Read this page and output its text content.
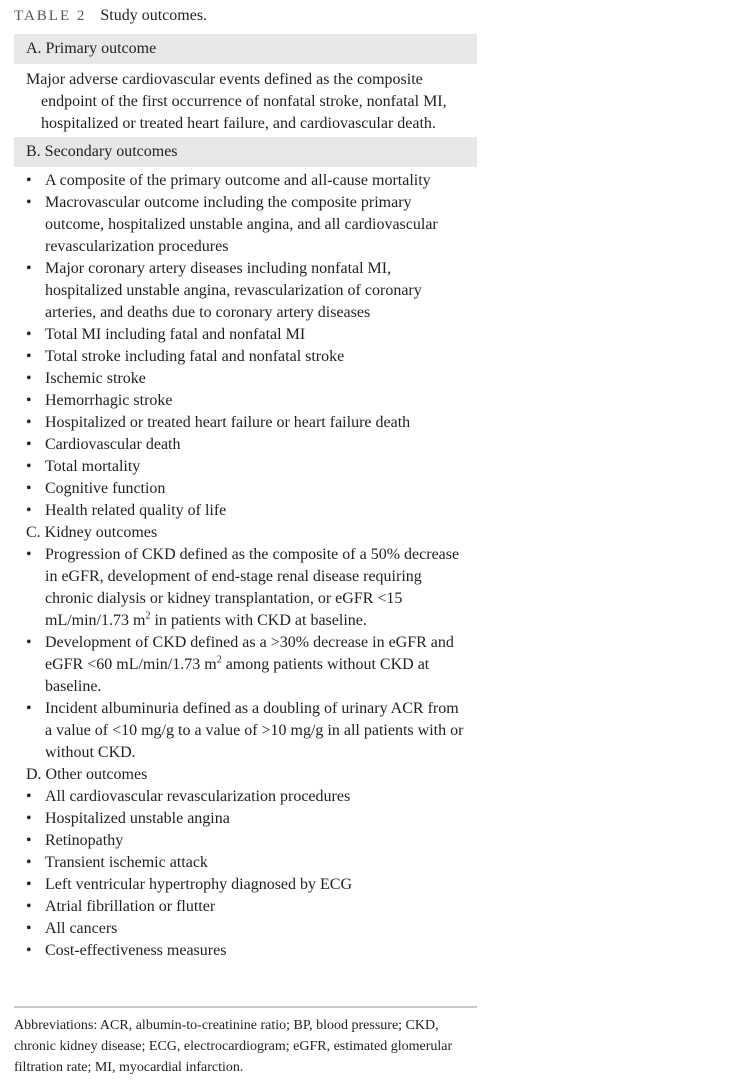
TABLE 2 Study outcomes.
A. Primary outcome
Major adverse cardiovascular events defined as the composite endpoint of the first occurrence of nonfatal stroke, nonfatal MI, hospitalized or treated heart failure, and cardiovascular death.
B. Secondary outcomes
• A composite of the primary outcome and all-cause mortality
• Macrovascular outcome including the composite primary outcome, hospitalized unstable angina, and all cardiovascular revascularization procedures
• Major coronary artery diseases including nonfatal MI, hospitalized unstable angina, revascularization of coronary arteries, and deaths due to coronary artery diseases
• Total MI including fatal and nonfatal MI
• Total stroke including fatal and nonfatal stroke
• Ischemic stroke
• Hemorrhagic stroke
• Hospitalized or treated heart failure or heart failure death
• Cardiovascular death
• Total mortality
• Cognitive function
• Health related quality of life
C. Kidney outcomes
• Progression of CKD defined as the composite of a 50% decrease in eGFR, development of end-stage renal disease requiring chronic dialysis or kidney transplantation, or eGFR <15 mL/min/1.73 $m^2$ in patients with CKD at baseline.
• Development of CKD defined as a >30% decrease in eGFR and eGFR <60 mL/min/1.73 $m^2$ among patients without CKD at baseline.
• Incident albuminuria defined as a doubling of urinary ACR from a value of <10 mg/g to a value of >10 mg/g in all patients with or without CKD.
D. Other outcomes
• All cardiovascular revascularization procedures
• Hospitalized unstable angina
• Retinopathy
• Transient ischemic attack
• Left ventricular hypertrophy diagnosed by ECG
• Atrial fibrillation or flutter
• All cancers
• Cost-effectiveness measures
Abbreviations: ACR, albumin-to-creatinine ratio; BP, blood pressure; CKD, chronic kidney disease; ECG, electrocardiogram; eGFR, estimated glomerular filtration rate; MI, myocardial infarction.
